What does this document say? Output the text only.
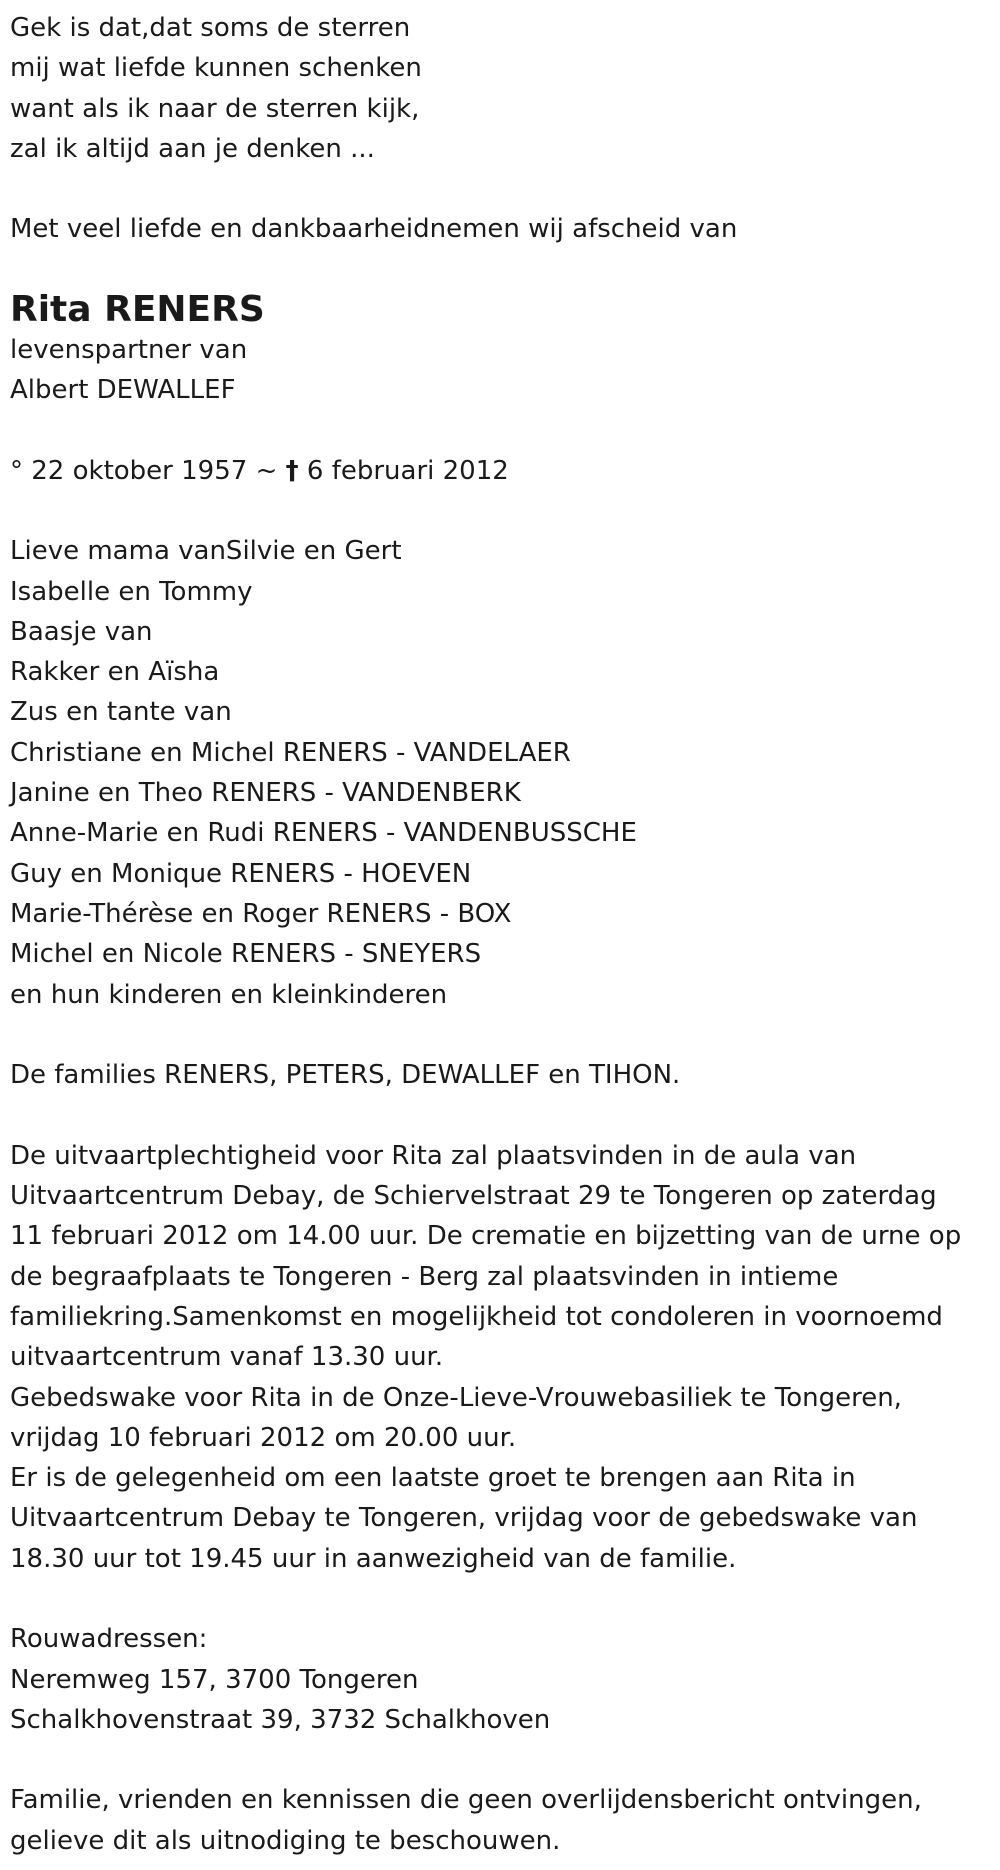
Gek is dat,dat soms de sterren

mij wat liefde kunnen schenken

want als ik naar de sterren kijk,

zal ik altijd aan je denken ...

Met veel liefde en dankbaarheidnemen wij afscheid van

Rita RENERS

levenspartner van

Albert DEWALLEF

° 22 oktober 1957 ~ † 6 februari 2012

Lieve mama vanSilvie en Gert

Isabelle en Tommy

Baasje van

Rakker en Aïsha

Zus en tante van

Christiane en Michel RENERS - VANDELAER

Janine en Theo RENERS - VANDENBERK

Anne-Marie en Rudi RENERS - VANDENBUSSCHE

Guy en Monique RENERS - HOEVEN

Marie-Thérèse en Roger RENERS - BOX

Michel en Nicole RENERS - SNEYERS

en hun kinderen en kleinkinderen

De families RENERS, PETERS, DEWALLEF en TIHON.

De uitvaartplechtigheid voor Rita zal plaatsvinden in de aula van

Uitvaartcentrum Debay, de Schiervelstraat 29 te Tongeren op zaterdag

11 februari 2012 om 14.00 uur. De crematie en bijzetting van de urne op

de begraafplaats te Tongeren - Berg zal plaatsvinden in intieme

familiekring.Samenkomst en mogelijkheid tot condoleren in voornoemd

uitvaartcentrum vanaf 13.30 uur.

Gebedswake voor Rita in de Onze-Lieve-Vrouwebasiliek te Tongeren,

vrijdag 10 februari 2012 om 20.00 uur.

Er is de gelegenheid om een laatste groet te brengen aan Rita in

Uitvaartcentrum Debay te Tongeren, vrijdag voor de gebedswake van

18.30 uur tot 19.45 uur in aanwezigheid van de familie.

Rouwadressen:

Neremweg 157, 3700 Tongeren

Schalkhovenstraat 39, 3732 Schalkhoven

Familie, vrienden en kennissen die geen overlijdensbericht ontvingen,

gelieve dit als uitnodiging te beschouwen.
